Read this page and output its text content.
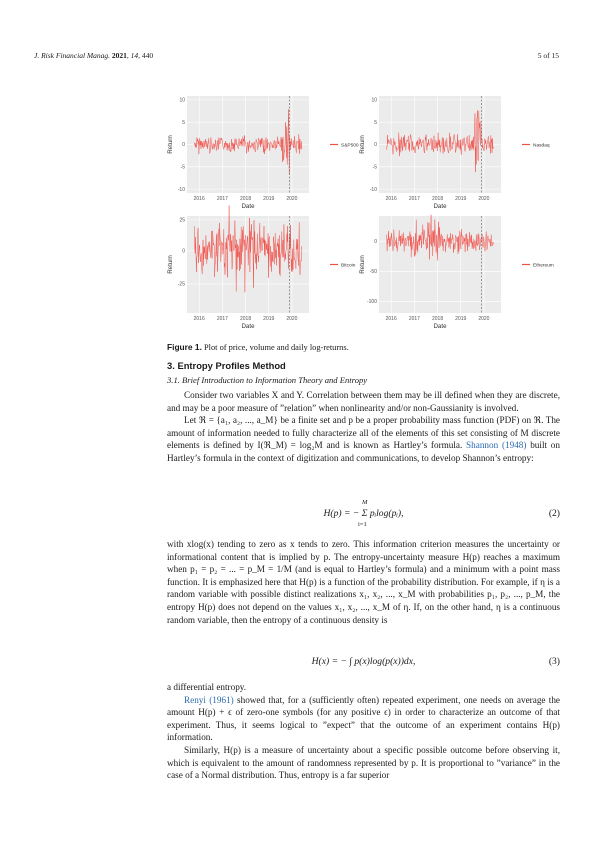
J. Risk Financial Manag. 2021, 14, 440	5 of 15
10
5
0
-5
-10
2016 2017 2018 2019 2020
Date
Return	S&P500
10
5
0
-5
-10
2016 2017 2018 2019 2020
Date
Return	Nasdaq
25
0
-25
2016 2017 2018 2019 2020
Date
Return	Bitcoin
0
-50
-100
2016 2017 2018 2019 2020
Date
Return	Ethereum
Figure 1. Plot of price, volume and daily log-returns.
3. Entropy Profiles Method
3.1. Brief Introduction to Information Theory and Entropy

Consider two variables X and Y. Correlation between them may be ill defined when they are discrete, and may be a poor measure of ”relation” when nonlinearity and/or non-Gaussianity is involved.

Let ℜ = {a₁, a₂, ..., a_M} be a finite set and p be a proper probability mass function (PDF) on ℜ. The amount of information needed to fully characterize all of the elements of this set consisting of M discrete elements is defined by I(ℜ_M) = log₂M and is known as Hartley’s formula. Shannon (1948) built on Hartley’s formula in the context of digitization and communications, to develop Shannon’s entropy:

H(p) = − Σ pᵢlog(pᵢ),	(2)
M
i=1

with xlog(x) tending to zero as x tends to zero. This information criterion measures the uncertainty or informational content that is implied by p. The entropy-uncertainty measure H(p) reaches a maximum when p₁ = p₂ = ... = p_M = 1/M (and is equal to Hartley’s formula) and a minimum with a point mass function. It is emphasized here that H(p) is a function of the probability distribution. For example, if η is a random variable with possible distinct realizations x₁, x₂, ..., x_M with probabilities p₁, p₂, ..., p_M, the entropy H(p) does not depend on the values x₁, x₂, ..., x_M of η. If, on the other hand, η is a continuous random variable, then the entropy of a continuous density is

H(x) = − ∫ p(x)log(p(x))dx,	(3)

a differential entropy.

Renyi (1961) showed that, for a (sufficiently often) repeated experiment, one needs on average the amount H(p) + ϵ of zero-one symbols (for any positive ϵ) in order to characterize an outcome of that experiment. Thus, it seems logical to ”expect” that the outcome of an experiment contains H(p) information.

Similarly, H(p) is a measure of uncertainty about a specific possible outcome before observing it, which is equivalent to the amount of randomness represented by p. It is proportional to ”variance” in the case of a Normal distribution. Thus, entropy is a far superior
